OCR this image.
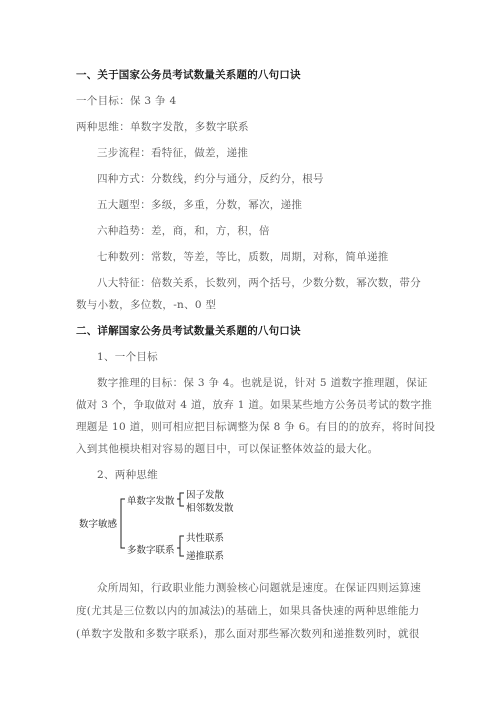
一、关于国家公务员考试数量关系题的八句口诀
一个目标：保 3 争 4
两种思维：单数字发散，多数字联系
三步流程：看特征，做差，递推
四种方式：分数线，约分与通分，反约分，根号
五大题型：多级，多重，分数，幂次，递推
六种趋势：差，商，和，方，积，倍
七种数列：常数，等差，等比，质数，周期，对称，简单递推
八大特征：倍数关系，长数列，两个括号，少数分数，幂次数，带分
数与小数，多位数，-n、0 型
二、详解国家公务员考试数量关系题的八句口诀
1、一个目标
数字推理的目标：保 3 争 4。也就是说，针对 5 道数字推理题，保证
做对 3 个，争取做对 4 道，放弃 1 道。如果某些地方公务员考试的数字推
理题是 10 道，则可相应把目标调整为保 8 争 6。有目的的放弃，将时间投
入到其他模块相对容易的题目中，可以保证整体效益的最大化。
2、两种思维
数字敏感
单数字发散
多数字联系
因子发散
相邻数发散
共性联系
递推联系
众所周知，行政职业能力测验核心问题就是速度。在保证四则运算速
度(尤其是三位数以内的加减法)的基础上，如果具备快速的两种思维能力
(单数字发散和多数字联系)，那么面对那些幂次数列和递推数列时，就很
